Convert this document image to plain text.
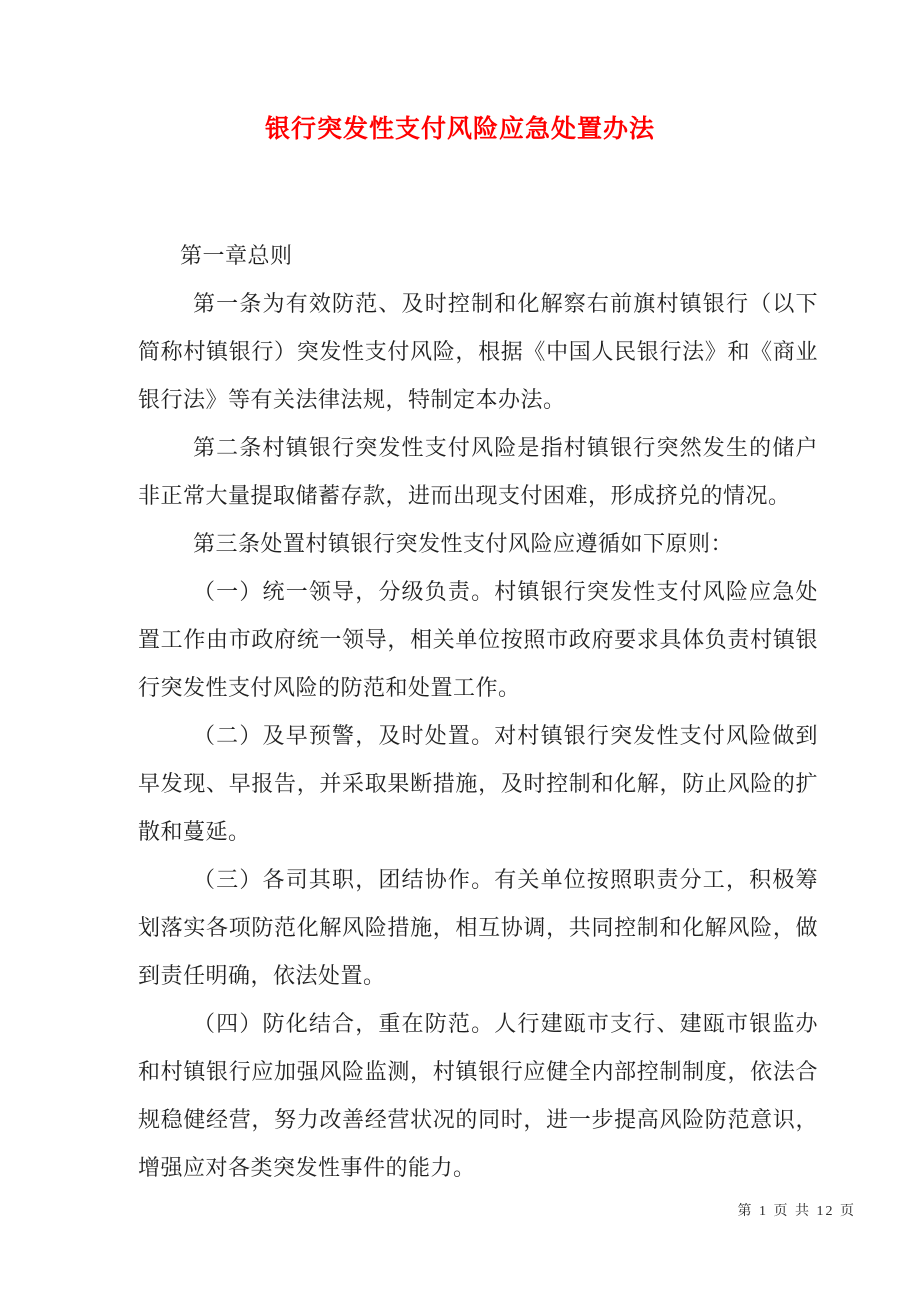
银行突发性支付风险应急处置办法

第一章总则

第一条为有效防范、及时控制和化解察右前旗村镇银行（以下简称村镇银行）突发性支付风险，根据《中国人民银行法》和《商业银行法》等有关法律法规，特制定本办法。

第二条村镇银行突发性支付风险是指村镇银行突然发生的储户非正常大量提取储蓄存款，进而出现支付困难，形成挤兑的情况。

第三条处置村镇银行突发性支付风险应遵循如下原则：

（一）统一领导，分级负责。村镇银行突发性支付风险应急处置工作由市政府统一领导，相关单位按照市政府要求具体负责村镇银行突发性支付风险的防范和处置工作。

（二）及早预警，及时处置。对村镇银行突发性支付风险做到早发现、早报告，并采取果断措施，及时控制和化解，防止风险的扩散和蔓延。

（三）各司其职，团结协作。有关单位按照职责分工，积极筹划落实各项防范化解风险措施，相互协调，共同控制和化解风险，做到责任明确，依法处置。

（四）防化结合，重在防范。人行建瓯市支行、建瓯市银监办和村镇银行应加强风险监测，村镇银行应健全内部控制制度，依法合规稳健经营，努力改善经营状况的同时，进一步提高风险防范意识，增强应对各类突发性事件的能力。

第 1 页 共 12 页
